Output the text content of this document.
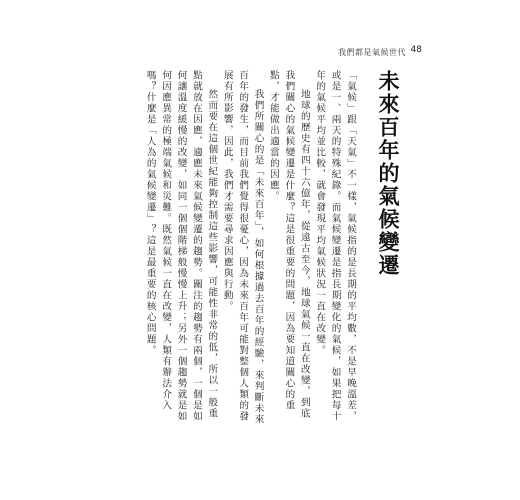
我們都是氣候世代 48
未來百年的氣候變遷

「氣候」跟「天氣」不一樣，氣候指的是長期的平均數，不是早晚溫差，或是一、兩天的特殊紀錄。而氣候變遷是指長期變化的氣候，如果把每十年的氣候平均並比較，就會發現平均氣候狀況一直在改變。

地球的歷史有四十六億年，從遠古至今，地球氣候一直在改變，到底我們關心的氣候變遷是什麼？這是很重要的問題，因為要知道關心的重點，才能做出適當的因應。

我們所關心的是「未來百年」，如何根據過去百年的經驗，來判斷未來百年的發生，而目前我們覺得很憂心，因為未來百年可能對整個人類的發展有所影響，因此，我們才需要尋求因應與行動。

然而要在這個世紀能夠控制這些影響，可能性非常的低，所以一般重點就放在因應，適應未來氣候變遷的趨勢。關注的趨勢有兩個，一個是如何讓溫度緩慢的改變，如同一個個階梯般慢慢上升；另外一個趨勢就是如何因應異常的極端氣候和災難。既然氣候一直在改變，人類有辦法介入嗎？什麼是「人為的氣候變遷」？這是最重要的核心問題。
